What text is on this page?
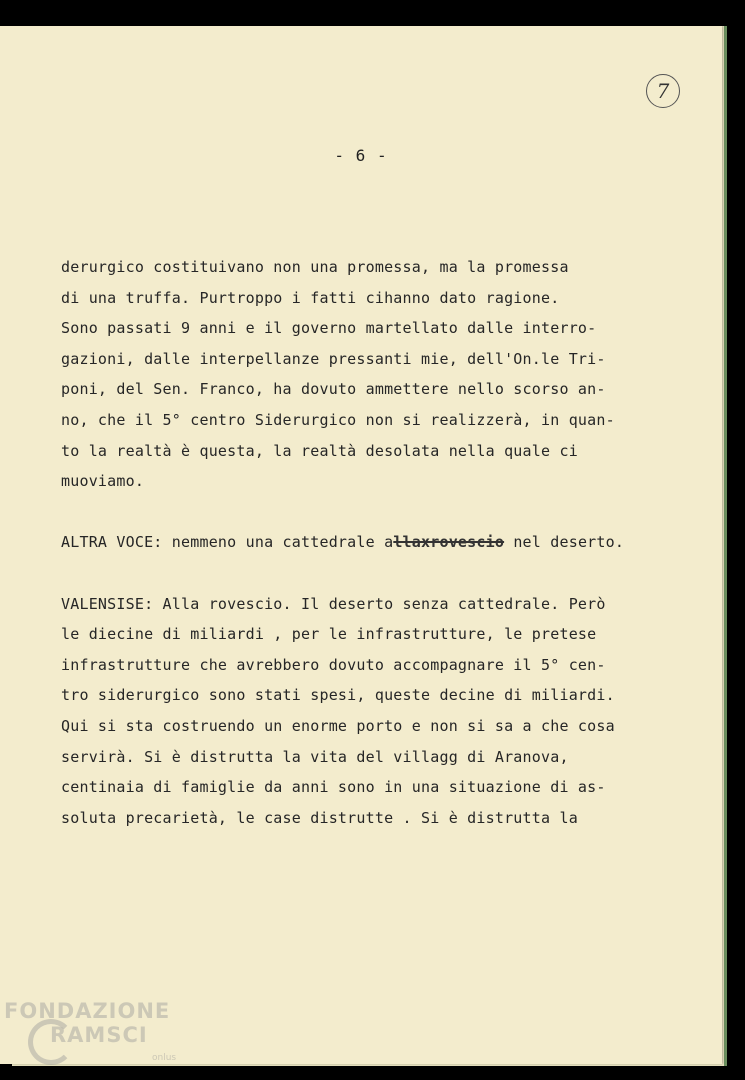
7
- 6 -
derurgico costituivano non una promessa, ma la promessa
di una truffa. Purtroppo i fatti cihanno dato ragione.
Sono passati 9 anni e il governo martellato dalle interro-
gazioni, dalle interpellanze pressanti mie, dell'On.le Tri-
poni, del Sen. Franco, ha dovuto ammettere nello scorso an-
no, che il 5° centro Siderurgico non si realizzerà, in quan-
to la realtà è questa, la realtà desolata nella quale ci
muoviamo.
ALTRA VOCE: nemmeno una cattedrale allaxrovescio nel deserto.
VALENSISE: Alla rovescio. Il deserto senza cattedrale. Però
le diecine di miliardi , per le infrastrutture, le pretese
infrastrutture che avrebbero dovuto accompagnare il 5° cen-
tro siderurgico sono stati spesi, queste decine di miliardi.
Qui si sta costruendo un enorme porto e non si sa a che cosa
servirà. Si è distrutta la vita del villagg di Aranova,
centinaia di famiglie da anni sono in una situazione di as-
soluta precarietà, le case distrutte . Si è distrutta la
FONDAZIONE
RAMSCI
onlus
